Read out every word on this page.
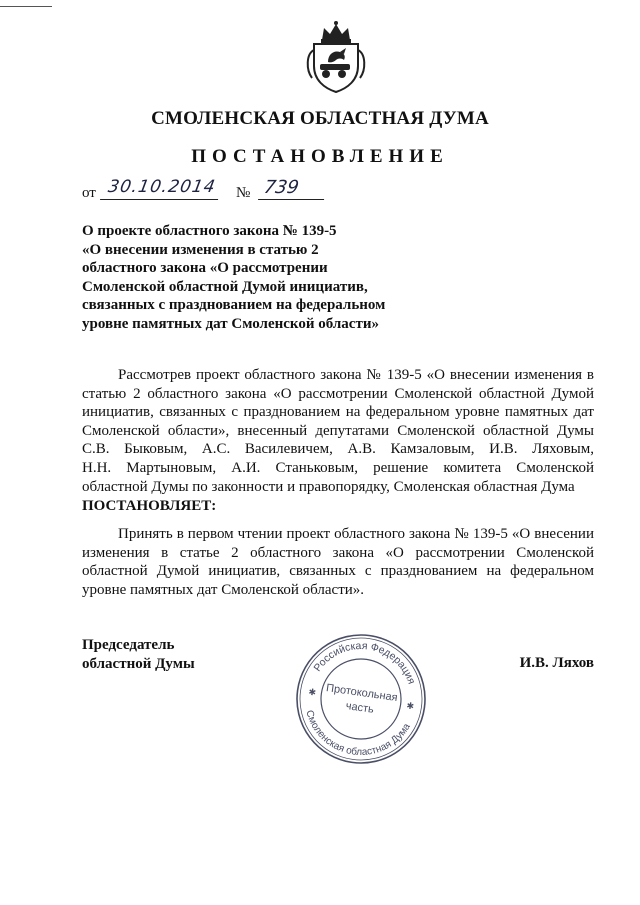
СМОЛЕНСКАЯ ОБЛАСТНАЯ ДУМА
ПОСТАНОВЛЕНИЕ
от 30.10.2014	№ 739
О проекте областного закона № 139-5
«О внесении изменения в статью 2
областного закона «О рассмотрении
Смоленской областной Думой инициатив,
связанных с празднованием на федеральном
уровне памятных дат Смоленской области»
Рассмотрев проект областного закона № 139-5 «О внесении изменения в
статью 2 областного закона «О рассмотрении Смоленской областной Думой
инициатив, связанных с празднованием на федеральном уровне памятных дат
Смоленской области», внесенный депутатами Смоленской областной Думы
С.В. Быковым, А.С. Василевичем, А.В. Камзаловым, И.В. Ляховым,
Н.Н. Мартыновым, А.И. Станьковым, решение комитета Смоленской
областной Думы по законности и правопорядку, Смоленская областная Дума
ПОСТАНОВЛЯЕТ:
Принять в первом чтении проект областного закона № 139-5 «О внесении
изменения в статье 2 областного закона «О рассмотрении Смоленской
областной Думой инициатив, связанных с празднованием на федеральном
уровне памятных дат Смоленской области».
Председатель
областной Думы	И.В. Ляхов
Российская Федерация
Смоленская областная Дума
✱
✱
Протокольная
часть
